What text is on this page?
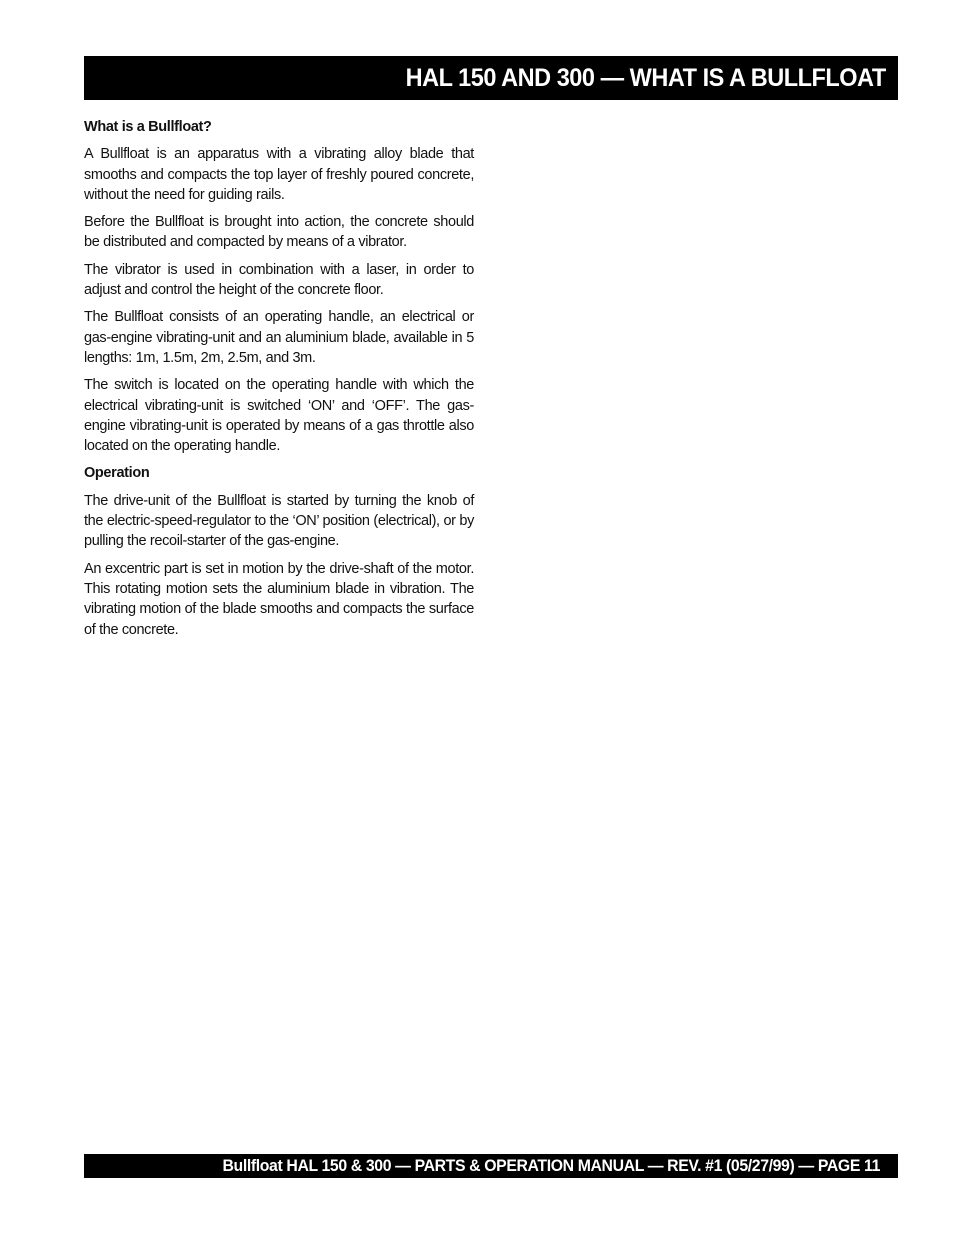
HAL 150 AND 300 — WHAT IS A BULLFLOAT

What is a Bullfloat?

A Bullfloat is an apparatus with a vibrating alloy blade that smooths and compacts the top layer of freshly poured concrete, without the need for guiding rails.

Before the Bullfloat is brought into action, the concrete should be distributed and compacted by means of a vibrator.

The vibrator is used in combination with a laser, in order to adjust and control the height of the concrete floor.

The Bullfloat consists of an operating handle, an electrical or gas-engine vibrating-unit and an aluminium blade, available in 5 lengths: 1m, 1.5m, 2m, 2.5m, and 3m.

The switch is located on the operating handle with which the electrical vibrating-unit is switched ‘ON’ and ‘OFF’. The gas-engine vibrating-unit is operated by means of a gas throttle also located on the operating handle.

Operation

The drive-unit of the Bullfloat is started by turning the knob of the electric-speed-regulator to the ‘ON’ position (electrical), or by pulling the recoil-starter of the gas-engine.

An excentric part is set in motion by the drive-shaft of the motor. This rotating motion sets the aluminium blade in vibration. The vibrating motion of the blade smooths and compacts the surface of the concrete.

Bullfloat HAL 150 & 300 — PARTS & OPERATION MANUAL — REV. #1 (05/27/99) — PAGE 11
